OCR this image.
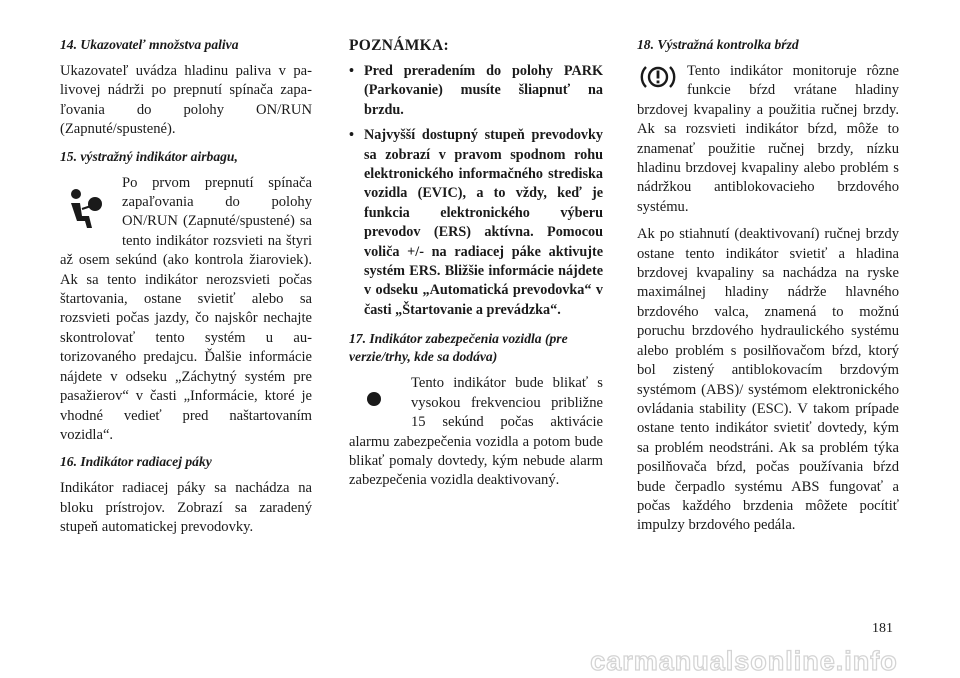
14. Ukazovateľ množstva paliva

Ukazovateľ uvádza hladinu paliva v palivovej nádrži po prepnutí spínača zapaľovania do polohy ON/RUN (Zapnuté/spustené).

15. výstražný indikátor airbagu,

Po prvom prepnutí spínača zapaľovania do polohy ON/RUN (Zapnuté/spustené) sa tento indikátor rozsvieti na štyri až osem sekúnd (ako kontrola žiaroviek). Ak sa tento indikátor nerozsvieti počas štartovania, ostane svietiť alebo sa rozsvieti počas jazdy, čo najskôr nechajte skontrolovať tento systém u autorizovaného predajcu. Ďalšie informácie nájdete v odseku „Záchytný systém pre pasažierov“ v časti „Informácie, ktoré je vhodné vedieť pred naštartovaním vozidla“.

16. Indikátor radiacej páky

Indikátor radiacej páky sa nachádza na bloku prístrojov. Zobrazí sa zaradený stupeň automatickej prevodovky.

POZNÁMKA:
• Pred preradením do polohy PARK (Parkovanie) musíte šliapnuť na brzdu.
• Najvyšší dostupný stupeň prevodovky sa zobrazí v pravom spodnom rohu elektronického informačného strediska vozidla (EVIC), a to vždy, keď je funkcia elektronického výberu prevodov (ERS) aktívna. Pomocou voliča +/- na radiacej páke aktivujte systém ERS. Bližšie informácie nájdete v odseku „Automatická prevodovka“ v časti „Štartovanie a prevádzka“.
17. Indikátor zabezpečenia vozidla (pre verzie/trhy, kde sa dodáva)

Tento indikátor bude blikať s vysokou frekvenciou približne 15 sekúnd počas aktivácie alarmu zabezpečenia vozidla a potom bude blikať pomaly dovtedy, kým nebude alarm zabezpečenia vozidla deaktivovaný.

18. Výstražná kontrolka bŕzd

Tento indikátor monitoruje rôzne funkcie bŕzd vrátane hladiny brzdovej kvapaliny a použitia ručnej brzdy. Ak sa rozsvieti indikátor bŕzd, môže to znamenať použitie ručnej brzdy, nízku hladinu brzdovej kvapaliny alebo problém s nádržkou antiblokovacieho brzdového systému.

Ak po stiahnutí (deaktivovaní) ručnej brzdy ostane tento indikátor svietiť a hladina brzdovej kvapaliny sa nachádza na ryske maximálnej hladiny nádrže hlavného brzdového valca, znamená to možnú poruchu brzdového hydraulického systému alebo problém s posilňovačom bŕzd, ktorý bol zistený antiblokovacím brzdovým systémom (ABS)/ systémom elektronického ovládania stability (ESC). V takom prípade ostane tento indikátor svietiť dovtedy, kým sa problém neodstráni. Ak sa problém týka posilňovača bŕzd, počas používania bŕzd bude čerpadlo systému ABS fungovať a počas každého brzdenia môžete pocítiť impulzy brzdového pedála.

181
carmanualsonline.info
